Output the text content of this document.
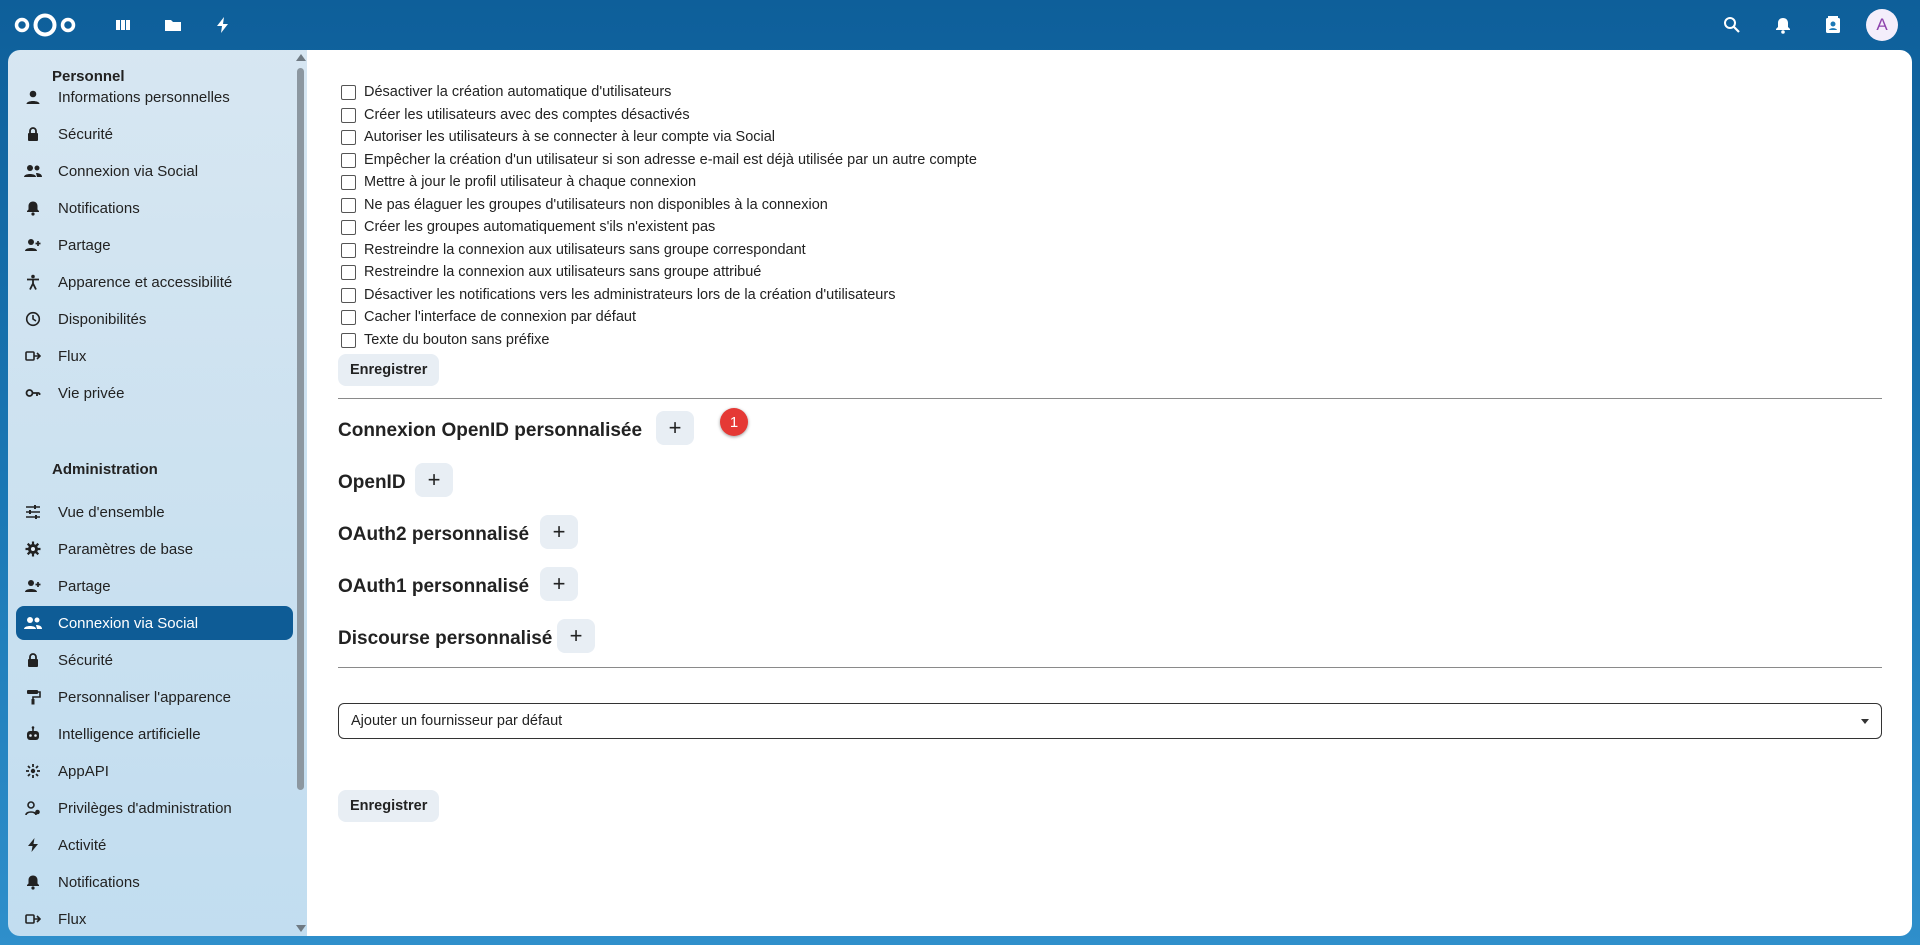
A
Personnel
Informations personnelles
Sécurité
Connexion via Social
Notifications
Partage
Apparence et accessibilité
Disponibilités
Flux
Vie privée
Administration
Vue d'ensemble
Paramètres de base
Partage
Connexion via Social
Sécurité
Personnaliser l'apparence
Intelligence artificielle
AppAPI
Privilèges d'administration
Activité
Notifications
Flux
Désactiver la création automatique d'utilisateurs
Créer les utilisateurs avec des comptes désactivés
Autoriser les utilisateurs à se connecter à leur compte via Social
Empêcher la création d'un utilisateur si son adresse e-mail est déjà utilisée par un autre compte
Mettre à jour le profil utilisateur à chaque connexion
Ne pas élaguer les groupes d'utilisateurs non disponibles à la connexion
Créer les groupes automatiquement s'ils n'existent pas
Restreindre la connexion aux utilisateurs sans groupe correspondant
Restreindre la connexion aux utilisateurs sans groupe attribué
Désactiver les notifications vers les administrateurs lors de la création d'utilisateurs
Cacher l'interface de connexion par défaut
Texte du bouton sans préfixe
Enregistrer
Connexion OpenID personnalisée +	1
OpenID +
OAuth2 personnalisé +
OAuth1 personnalisé +
Discourse personnalisé +
Ajouter un fournisseur par défaut
Enregistrer
